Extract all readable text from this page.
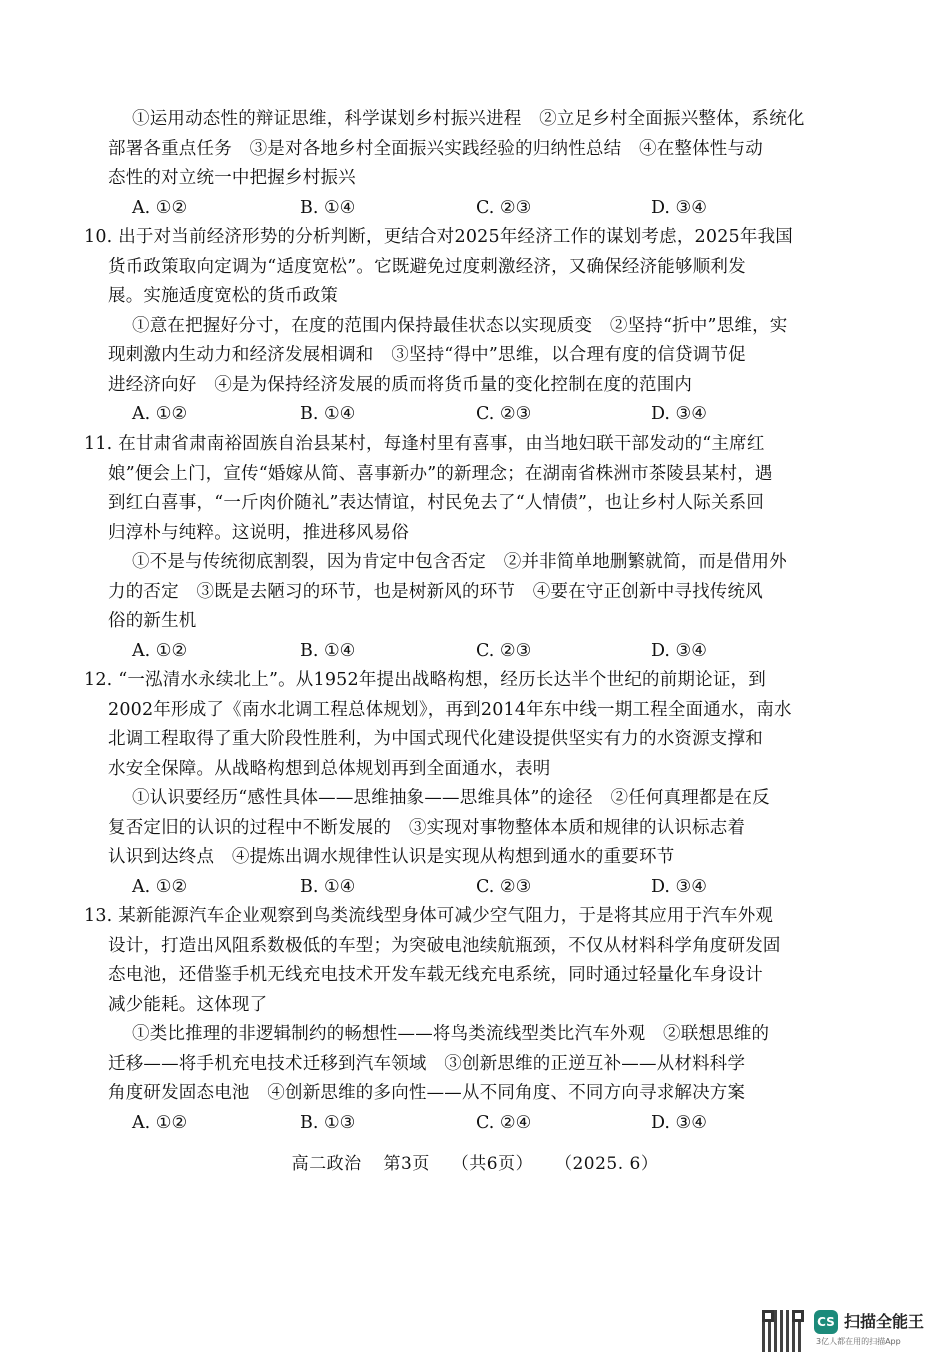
①运用动态性的辩证思维，科学谋划乡村振兴进程　②立足乡村全面振兴整体，系统化
部署各重点任务　③是对各地乡村全面振兴实践经验的归纳性总结　④在整体性与动
态性的对立统一中把握乡村振兴
A. ①②	B. ①④	C. ②③	D. ③④
10. 出于对当前经济形势的分析判断，更结合对2025年经济工作的谋划考虑，2025年我国
货币政策取向定调为“适度宽松”。它既避免过度刺激经济，又确保经济能够顺利发
展。实施适度宽松的货币政策
①意在把握好分寸，在度的范围内保持最佳状态以实现质变　②坚持“折中”思维，实
现刺激内生动力和经济发展相调和　③坚持“得中”思维，以合理有度的信贷调节促
进经济向好　④是为保持经济发展的质而将货币量的变化控制在度的范围内
A. ①②	B. ①④	C. ②③	D. ③④
11. 在甘肃省肃南裕固族自治县某村，每逢村里有喜事，由当地妇联干部发动的“主席红
娘”便会上门，宣传“婚嫁从简、喜事新办”的新理念；在湖南省株洲市茶陵县某村，遇
到红白喜事，“一斤肉价随礼”表达情谊，村民免去了“人情债”，也让乡村人际关系回
归淳朴与纯粹。这说明，推进移风易俗
①不是与传统彻底割裂，因为肯定中包含否定　②并非简单地删繁就简，而是借用外
力的否定　③既是去陋习的环节，也是树新风的环节　④要在守正创新中寻找传统风
俗的新生机
A. ①②	B. ①④	C. ②③	D. ③④
12. “一泓清水永续北上”。从1952年提出战略构想，经历长达半个世纪的前期论证，到
2002年形成了《南水北调工程总体规划》，再到2014年东中线一期工程全面通水，南水
北调工程取得了重大阶段性胜利，为中国式现代化建设提供坚实有力的水资源支撑和
水安全保障。从战略构想到总体规划再到全面通水，表明
①认识要经历“感性具体——思维抽象——思维具体”的途径　②任何真理都是在反
复否定旧的认识的过程中不断发展的　③实现对事物整体本质和规律的认识标志着
认识到达终点　④提炼出调水规律性认识是实现从构想到通水的重要环节
A. ①②	B. ①④	C. ②③	D. ③④
13. 某新能源汽车企业观察到鸟类流线型身体可减少空气阻力，于是将其应用于汽车外观
设计，打造出风阻系数极低的车型；为突破电池续航瓶颈，不仅从材料科学角度研发固
态电池，还借鉴手机无线充电技术开发车载无线充电系统，同时通过轻量化车身设计
减少能耗。这体现了
①类比推理的非逻辑制约的畅想性——将鸟类流线型类比汽车外观　②联想思维的
迁移——将手机充电技术迁移到汽车领域　③创新思维的正逆互补——从材料科学
角度研发固态电池　④创新思维的多向性——从不同角度、不同方向寻求解决方案
A. ①②	B. ①③	C. ②④	D. ③④
高二政治 第3页 （共6页） （2025. 6）
CS 扫描全能王
3亿人都在用的扫描App
